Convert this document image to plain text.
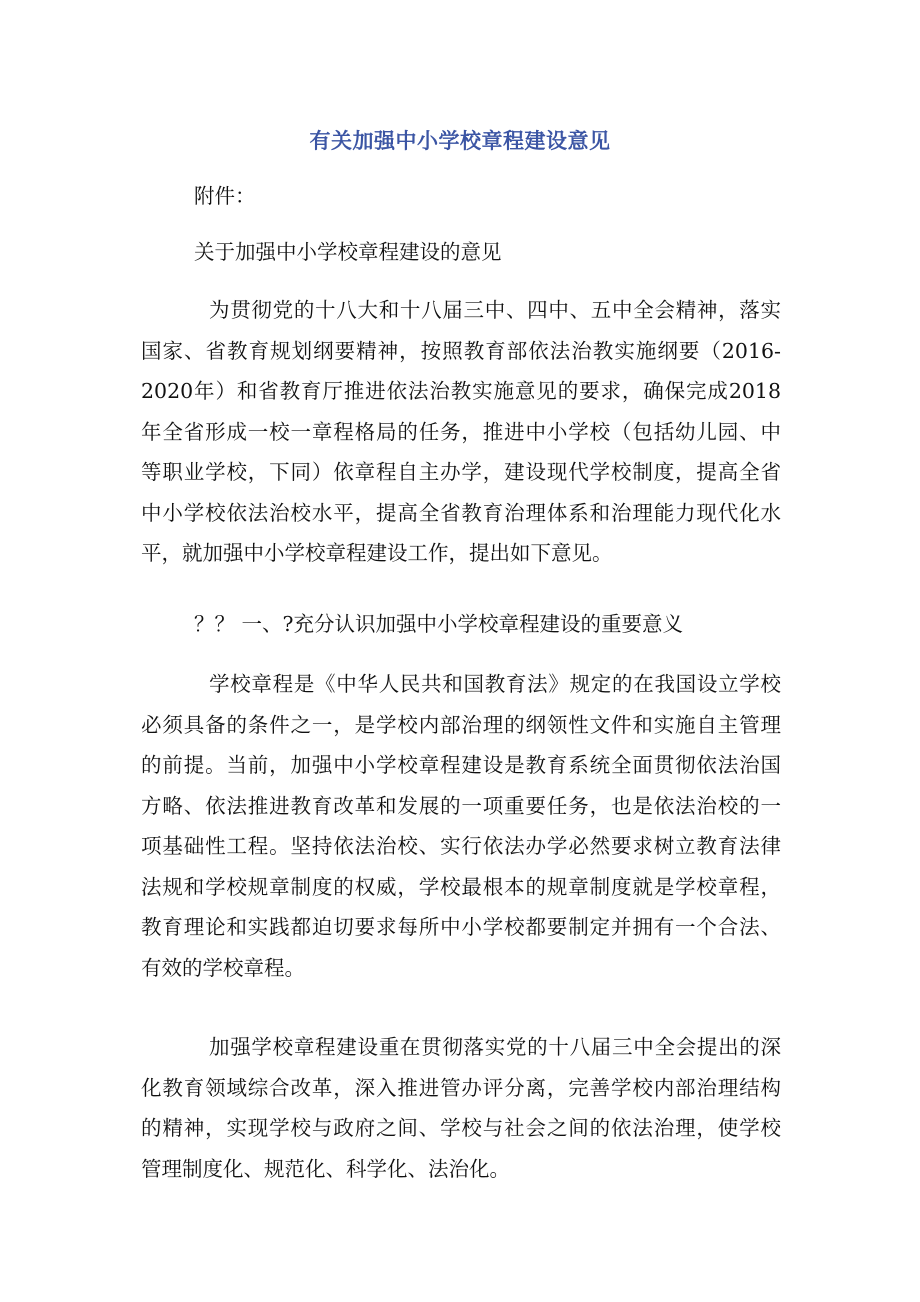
有关加强中小学校章程建设意见
附件：
关于加强中小学校章程建设的意见
为贯彻党的十八大和十八届三中、四中、五中全会精神，落实
国家、省教育规划纲要精神，按照教育部依法治教实施纲要（2016-
2020年）和省教育厅推进依法治教实施意见的要求，确保完成2018
年全省形成一校一章程格局的任务，推进中小学校（包括幼儿园、中
等职业学校，下同）依章程自主办学，建设现代学校制度，提高全省
中小学校依法治校水平，提高全省教育治理体系和治理能力现代化水
平，就加强中小学校章程建设工作，提出如下意见。
？？ 一、?充分认识加强中小学校章程建设的重要意义
学校章程是《中华人民共和国教育法》规定的在我国设立学校
必须具备的条件之一，是学校内部治理的纲领性文件和实施自主管理
的前提。当前，加强中小学校章程建设是教育系统全面贯彻依法治国
方略、依法推进教育改革和发展的一项重要任务，也是依法治校的一
项基础性工程。坚持依法治校、实行依法办学必然要求树立教育法律
法规和学校规章制度的权威，学校最根本的规章制度就是学校章程，
教育理论和实践都迫切要求每所中小学校都要制定并拥有一个合法、
有效的学校章程。
加强学校章程建设重在贯彻落实党的十八届三中全会提出的深
化教育领域综合改革，深入推进管办评分离，完善学校内部治理结构
的精神，实现学校与政府之间、学校与社会之间的依法治理，使学校
管理制度化、规范化、科学化、法治化。
